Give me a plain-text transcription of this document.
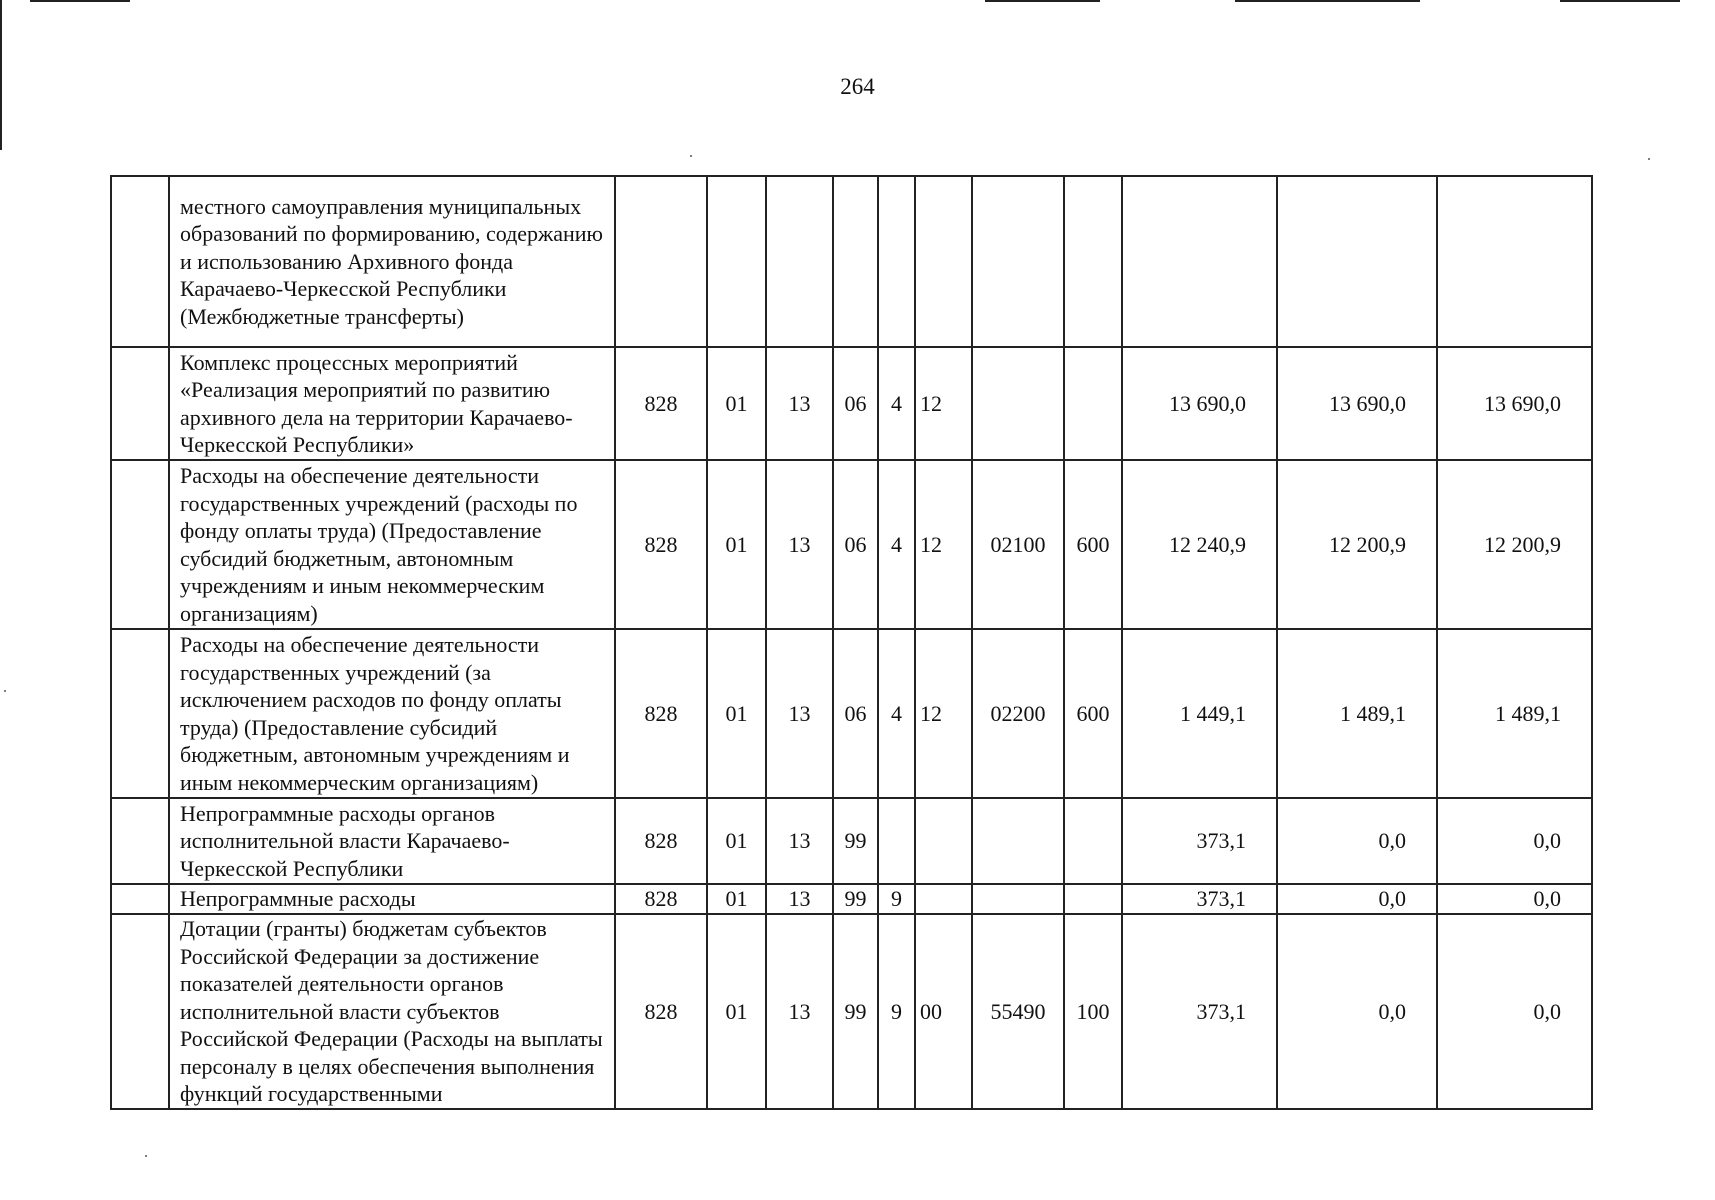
264
	местного самоуправления муниципальных образований по формированию, содержанию и использованию Архивного фонда Карачаево-Черкесской Республики (Межбюджетные трансферты)											
	Комплекс процессных мероприятий «Реализация мероприятий по развитию архивного дела на территории Карачаево-Черкесской Республики»	828	01	13	06	4	12			13 690,0	13 690,0	13 690,0
	Расходы на обеспечение деятельности государственных учреждений (расходы по фонду оплаты труда) (Предоставление субсидий бюджетным, автономным учреждениям и иным некоммерческим организациям)	828	01	13	06	4	12	02100	600	12 240,9	12 200,9	12 200,9
	Расходы на обеспечение деятельности государственных учреждений (за исключением расходов по фонду оплаты труда) (Предоставление субсидий бюджетным, автономным учреждениям и иным некоммерческим организациям)	828	01	13	06	4	12	02200	600	1 449,1	1 489,1	1 489,1
	Непрограммные расходы органов исполнительной власти Карачаево-Черкесской Республики	828	01	13	99					373,1	0,0	0,0
	Непрограммные расходы	828	01	13	99	9				373,1	0,0	0,0
	Дотации (гранты) бюджетам субъектов Российской Федерации за достижение показателей деятельности органов исполнительной власти субъектов Российской Федерации (Расходы на выплаты персоналу в целях обеспечения выполнения функций государственными	828	01	13	99	9	00	55490	100	373,1	0,0	0,0
